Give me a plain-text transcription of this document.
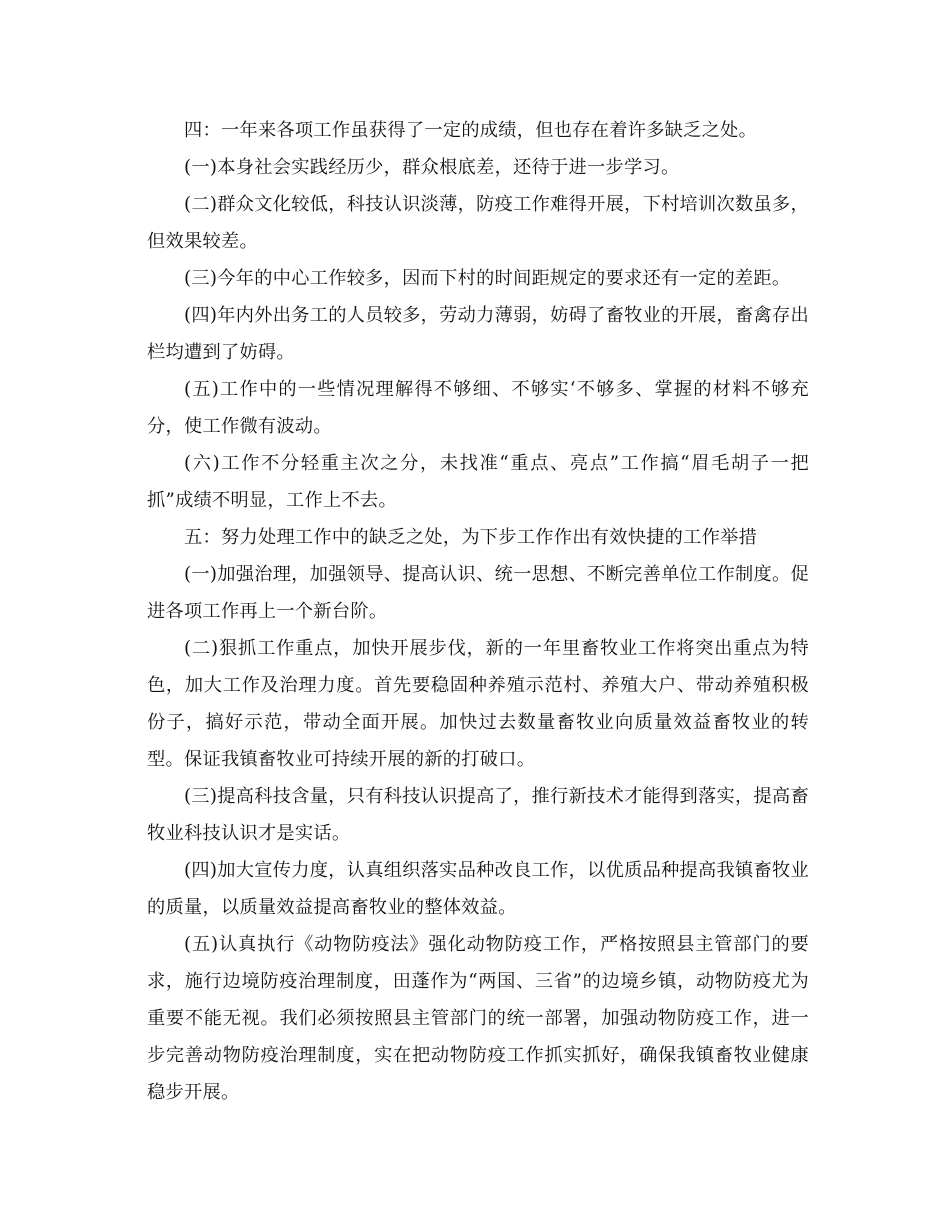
四：一年来各项工作虽获得了一定的成绩，但也存在着许多缺乏之处。

(一)本身社会实践经历少，群众根底差，还待于进一步学习。

(二)群众文化较低，科技认识淡薄，防疫工作难得开展，下村培训次数虽多，但效果较差。

(三)今年的中心工作较多，因而下村的时间距规定的要求还有一定的差距。

(四)年内外出务工的人员较多，劳动力薄弱，妨碍了畜牧业的开展，畜禽存出栏均遭到了妨碍。

(五)工作中的一些情况理解得不够细、不够实‘不够多、掌握的材料不够充分，使工作微有波动。

(六)工作不分轻重主次之分，未找准“重点、亮点”工作搞“眉毛胡子一把抓”成绩不明显，工作上不去。

五：努力处理工作中的缺乏之处，为下步工作作出有效快捷的工作举措

(一)加强治理，加强领导、提高认识、统一思想、不断完善单位工作制度。促进各项工作再上一个新台阶。

(二)狠抓工作重点，加快开展步伐，新的一年里畜牧业工作将突出重点为特色，加大工作及治理力度。首先要稳固种养殖示范村、养殖大户、带动养殖积极份子，搞好示范，带动全面开展。加快过去数量畜牧业向质量效益畜牧业的转型。保证我镇畜牧业可持续开展的新的打破口。

(三)提高科技含量，只有科技认识提高了，推行新技术才能得到落实，提高畜牧业科技认识才是实话。

(四)加大宣传力度，认真组织落实品种改良工作，以优质品种提高我镇畜牧业的质量，以质量效益提高畜牧业的整体效益。

(五)认真执行《动物防疫法》强化动物防疫工作，严格按照县主管部门的要求，施行边境防疫治理制度，田蓬作为“两国、三省”的边境乡镇，动物防疫尤为重要不能无视。我们必须按照县主管部门的统一部署，加强动物防疫工作，进一步完善动物防疫治理制度，实在把动物防疫工作抓实抓好，确保我镇畜牧业健康稳步开展。
